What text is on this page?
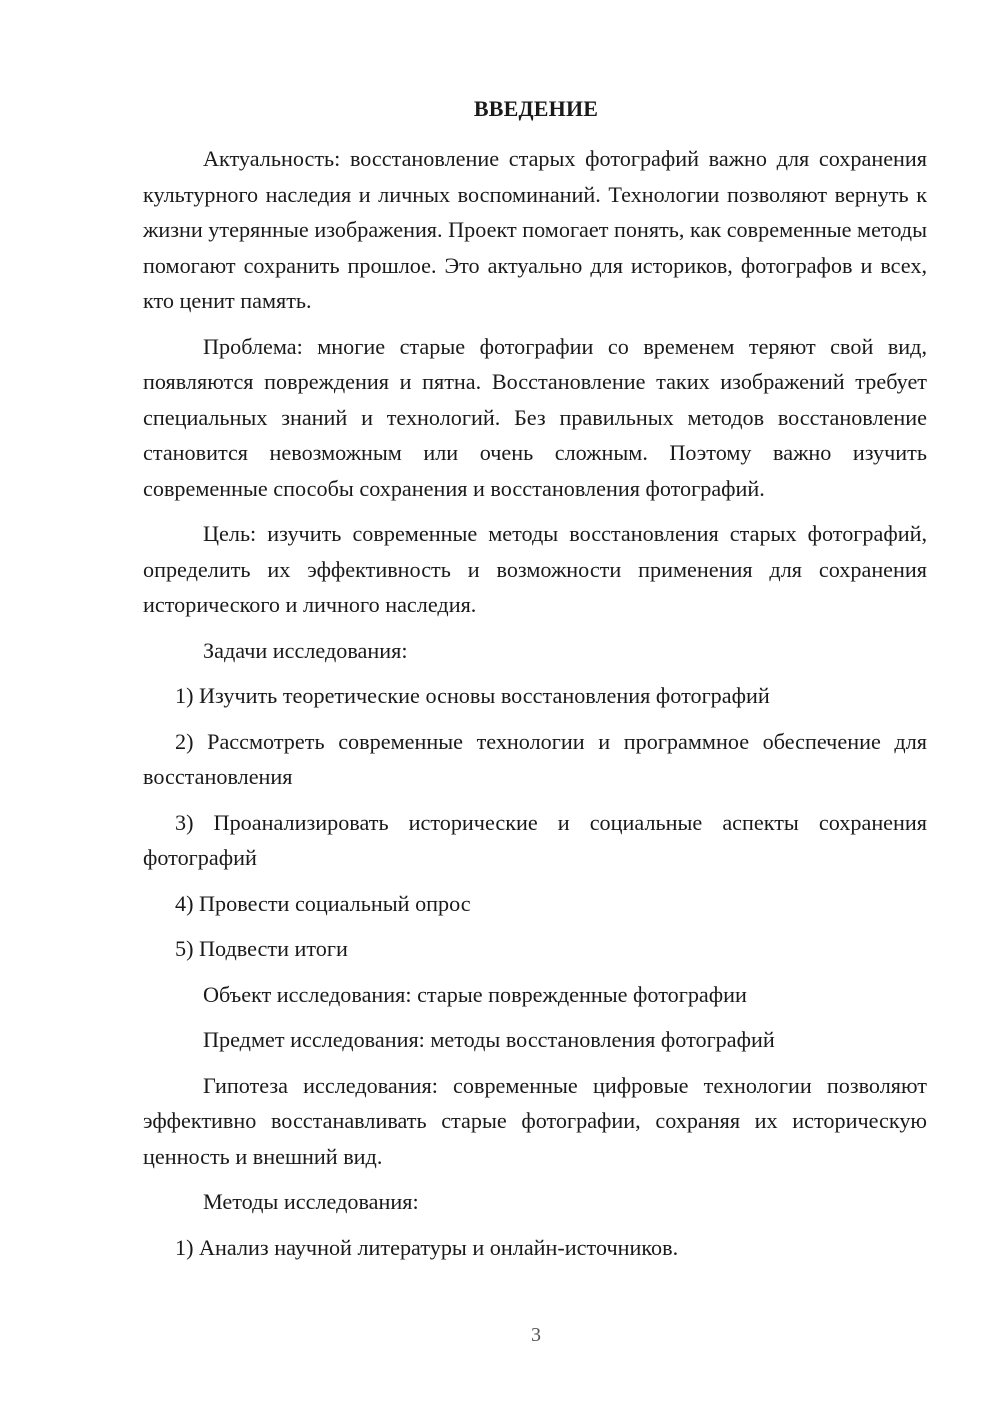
ВВЕДЕНИЕ

Актуальность: восстановление старых фотографий важно для сохранения культурного наследия и личных воспоминаний. Технологии позволяют вернуть к жизни утерянные изображения. Проект помогает понять, как современные методы помогают сохранить прошлое. Это актуально для историков, фотографов и всех, кто ценит память.

Проблема: многие старые фотографии со временем теряют свой вид, появляются повреждения и пятна. Восстановление таких изображений требует специальных знаний и технологий. Без правильных методов восстановление становится невозможным или очень сложным. Поэтому важно изучить современные способы сохранения и восстановления фотографий.

Цель: изучить современные методы восстановления старых фотографий, определить их эффективность и возможности применения для сохранения исторического и личного наследия.

Задачи исследования:

1) Изучить теоретические основы восстановления фотографий

2) Рассмотреть современные технологии и программное обеспечение для восстановления

3) Проанализировать исторические и социальные аспекты сохранения фотографий

4) Провести социальный опрос

5) Подвести итоги

Объект исследования: старые поврежденные фотографии

Предмет исследования: методы восстановления фотографий

Гипотеза исследования: современные цифровые технологии позволяют эффективно восстанавливать старые фотографии, сохраняя их историческую ценность и внешний вид.

Методы исследования:

1) Анализ научной литературы и онлайн-источников.

3
